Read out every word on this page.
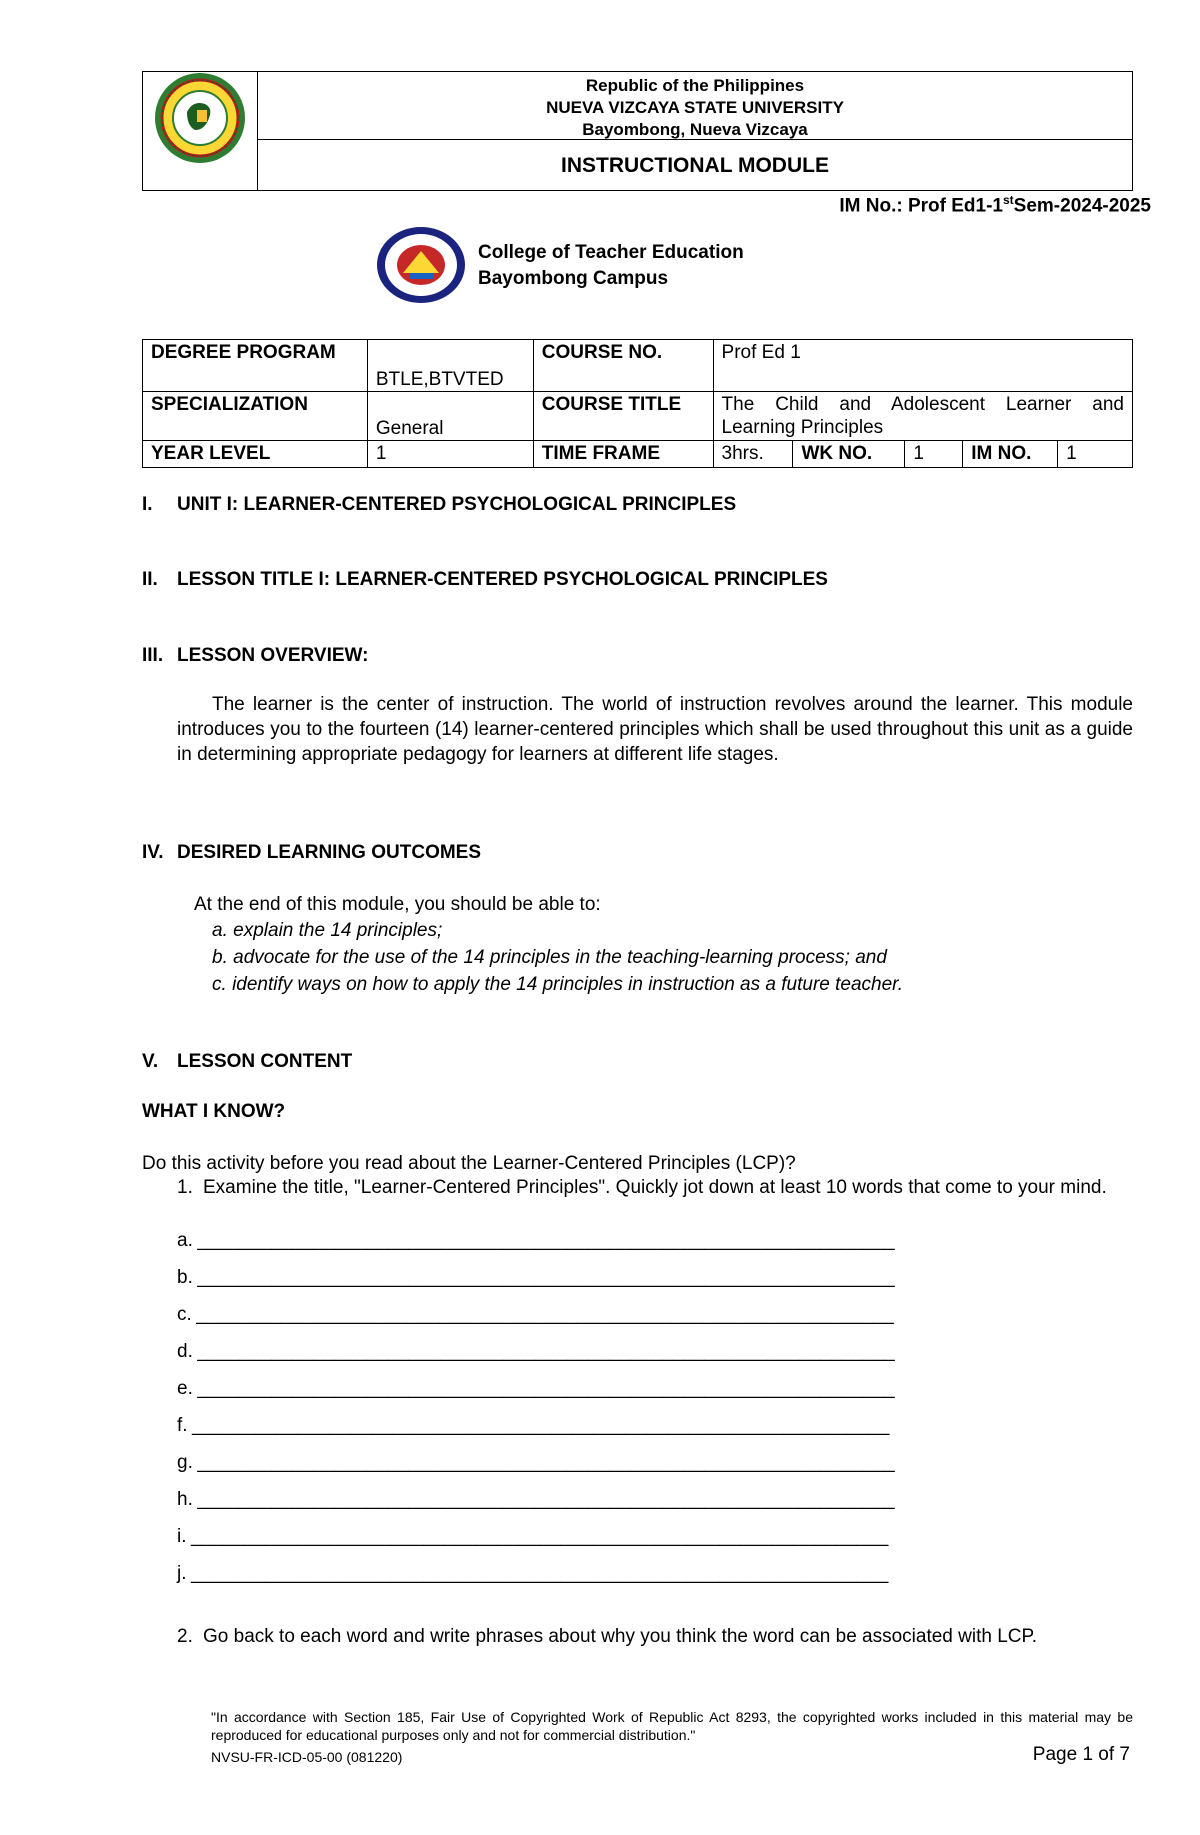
Republic of the Philippines
NUEVA VIZCAYA STATE UNIVERSITY
Bayombong, Nueva Vizcaya
INSTRUCTIONAL MODULE
IM No.: Prof Ed1-1stSem-2024-2025
College of Teacher Education
Bayombong Campus
DEGREE PROGRAM	BTLE,BTVTED	COURSE NO.	Prof Ed 1				
SPECIALIZATION	General	COURSE TITLE	The Child and Adolescent Learner and Learning Principles				
YEAR LEVEL	1	TIME FRAME	3hrs.	WK NO.	1	IM NO.	1
I. UNIT I: LEARNER-CENTERED PSYCHOLOGICAL PRINCIPLES
II. LESSON TITLE I: LEARNER-CENTERED PSYCHOLOGICAL PRINCIPLES
III. LESSON OVERVIEW:
The learner is the center of instruction. The world of instruction revolves around the learner. This module introduces you to the fourteen (14) learner-centered principles which shall be used throughout this unit as a guide in determining appropriate pedagogy for learners at different life stages.
IV. DESIRED LEARNING OUTCOMES
At the end of this module, you should be able to:
a. explain the 14 principles;
b. advocate for the use of the 14 principles in the teaching-learning process; and
c. identify ways on how to apply the 14 principles in instruction as a future teacher.
V. LESSON CONTENT
WHAT I KNOW?
Do this activity before you read about the Learner-Centered Principles (LCP)?
1. Examine the title, "Learner-Centered Principles". Quickly jot down at least 10 words that come to your mind.
a. __________________________________________________________________
b. __________________________________________________________________
c. __________________________________________________________________
d. __________________________________________________________________
e. __________________________________________________________________
f. __________________________________________________________________
g. __________________________________________________________________
h. __________________________________________________________________
i. __________________________________________________________________
j. __________________________________________________________________
2. Go back to each word and write phrases about why you think the word can be associated with LCP.
"In accordance with Section 185, Fair Use of Copyrighted Work of Republic Act 8293, the copyrighted works included in this material may be reproduced for educational purposes only and not for commercial distribution."
NVSU-FR-ICD-05-00 (081220)	Page 1 of 7
